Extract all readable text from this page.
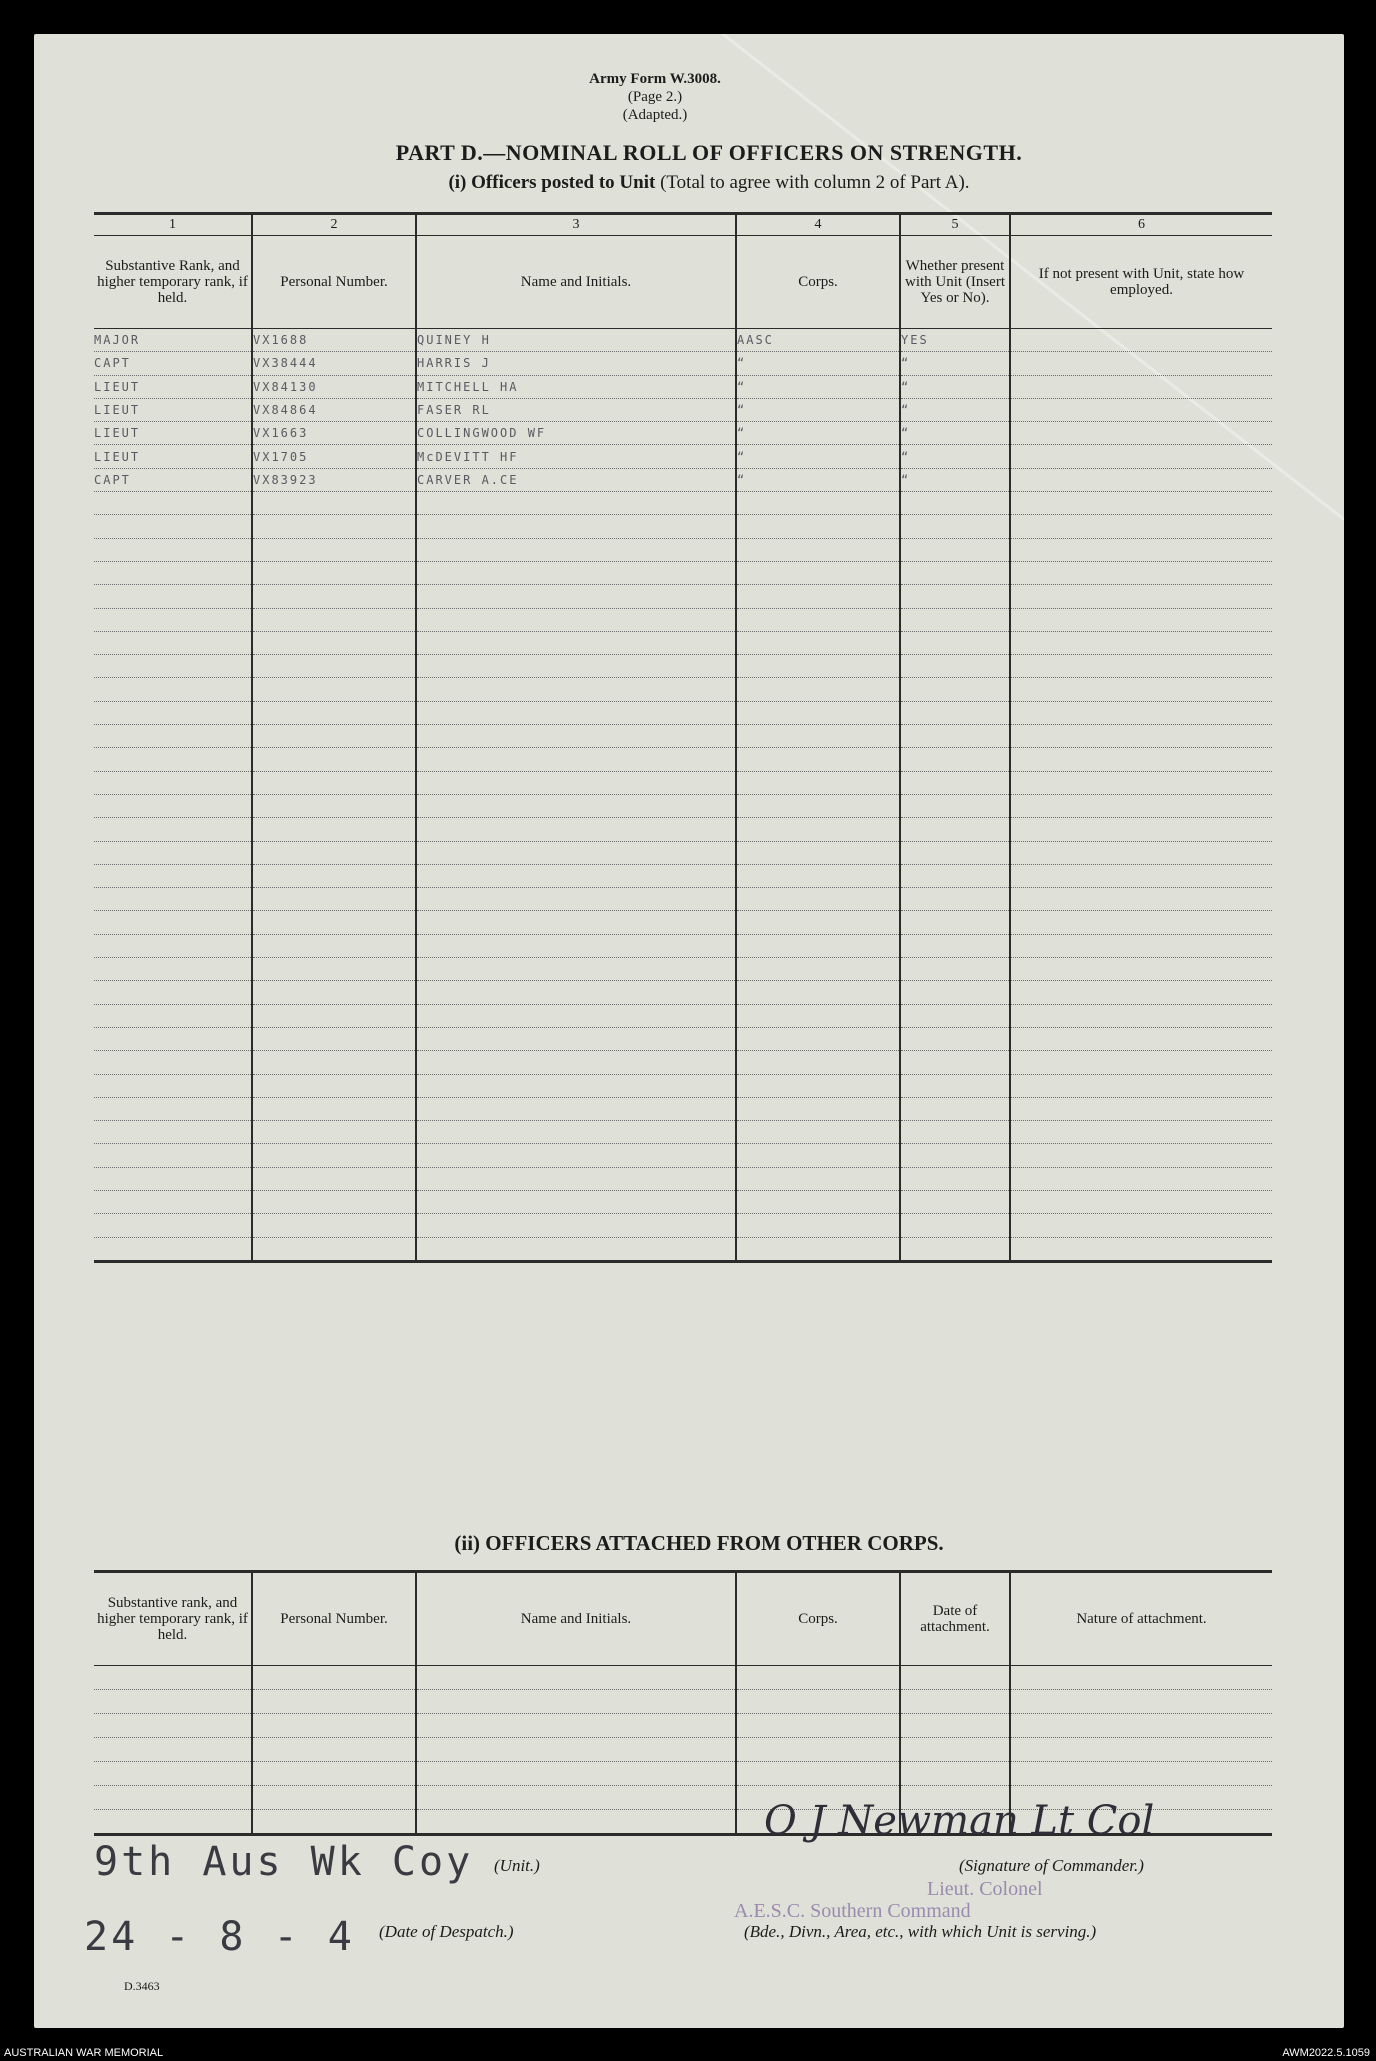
Army Form W.3008.
(Page 2.)
(Adapted.)
PART D.—NOMINAL ROLL OF OFFICERS ON STRENGTH.
(i) Officers posted to Unit (Total to agree with column 2 of Part A).
1	2	3	4	5	6
Substantive Rank, and higher temporary rank, if held.	Personal Number.	Name and Initials.	Corps.	Whether present with Unit (Insert Yes or No).	If not present with Unit, state how employed.
MAJOR	VX1688	QUINEY H	AASC	YES	
CAPT	VX38444	HARRIS J	“	“	
LIEUT	VX84130	MITCHELL HA	“	“	
LIEUT	VX84864	FASER RL	“	“	
LIEUT	VX1663	COLLINGWOOD WF	“	“	
LIEUT	VX1705	McDEVITT HF	“	“	
CAPT	VX83923	CARVER A.CE	“	“	

(ii) OFFICERS ATTACHED FROM OTHER CORPS.
Substantive rank, and higher temporary rank, if held.	Personal Number.	Name and Initials.	Corps.	Date of attachment.	Nature of attachment.

9th Aus Wk Coy (Unit.)
24 - 8 - 4 (Date of Despatch.)
O J Newman Lt Col
(Signature of Commander.)
Lieut. Colonel
A.E.S.C. Southern Command
(Bde., Divn., Area, etc., with which Unit is serving.)
D.3463
AUSTRALIAN WAR MEMORIAL	AWM2022.5.1059
